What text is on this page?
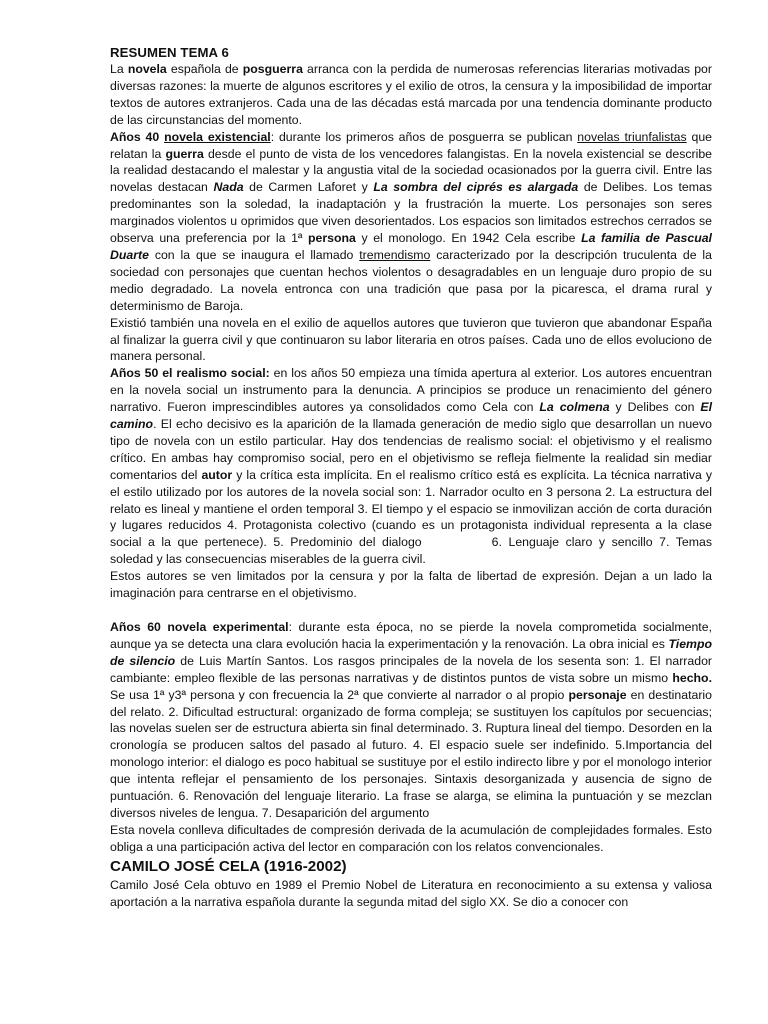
RESUMEN TEMA 6

La novela española de posguerra arranca con la perdida de numerosas referencias literarias motivadas por diversas razones: la muerte de algunos escritores y el exilio de otros, la censura y la imposibilidad de importar textos de autores extranjeros. Cada una de las décadas está marcada por una tendencia dominante producto de las circunstancias del momento.

Años 40 novela existencial: durante los primeros años de posguerra se publican novelas triunfalistas que relatan la guerra desde el punto de vista de los vencedores falangistas. En la novela existencial se describe la realidad destacando el malestar y la angustia vital de la sociedad ocasionados por la guerra civil. Entre las novelas destacan Nada de Carmen Laforet y La sombra del ciprés es alargada de Delibes. Los temas predominantes son la soledad, la inadaptación y la frustración la muerte. Los personajes son seres marginados violentos u oprimidos que viven desorientados. Los espacios son limitados estrechos cerrados se observa una preferencia por la 1ª persona y el monologo. En 1942 Cela escribe La familia de Pascual Duarte con la que se inaugura el llamado tremendismo caracterizado por la descripción truculenta de la sociedad con personajes que cuentan hechos violentos o desagradables en un lenguaje duro propio de su medio degradado. La novela entronca con una tradición que pasa por la picaresca, el drama rural y determinismo de Baroja.

Existió también una novela en el exilio de aquellos autores que tuvieron que tuvieron que abandonar España al finalizar la guerra civil y que continuaron su labor literaria en otros países. Cada uno de ellos evoluciono de manera personal.

Años 50 el realismo social: en los años 50 empieza una tímida apertura al exterior. Los autores encuentran en la novela social un instrumento para la denuncia. A principios se produce un renacimiento del género narrativo. Fueron imprescindibles autores ya consolidados como Cela con La colmena y Delibes con El camino. El echo decisivo es la aparición de la llamada generación de medio siglo que desarrollan un nuevo tipo de novela con un estilo particular. Hay dos tendencias de realismo social: el objetivismo y el realismo crítico. En ambas hay compromiso social, pero en el objetivismo se refleja fielmente la realidad sin mediar comentarios del autor y la crítica esta implícita. En el realismo crítico está es explícita. La técnica narrativa y el estilo utilizado por los autores de la novela social son: 1. Narrador oculto en 3 persona 2. La estructura del relato es lineal y mantiene el orden temporal 3. El tiempo y el espacio se inmovilizan acción de corta duración y lugares reducidos 4. Protagonista colectivo (cuando es un protagonista individual representa a la clase social a la que pertenece). 5. Predominio del dialogo	6. Lenguaje claro y sencillo 7. Temas soledad y las consecuencias miserables de la guerra civil.

Estos autores se ven limitados por la censura y por la falta de libertad de expresión. Dejan a un lado la imaginación para centrarse en el objetivismo.

Años 60 novela experimental: durante esta época, no se pierde la novela comprometida socialmente, aunque ya se detecta una clara evolución hacia la experimentación y la renovación. La obra inicial es Tiempo de silencio de Luis Martín Santos. Los rasgos principales de la novela de los sesenta son: 1. El narrador cambiante: empleo flexible de las personas narrativas y de distintos puntos de vista sobre un mismo hecho. Se usa 1ª y3ª persona y con frecuencia la 2ª que convierte al narrador o al propio personaje en destinatario del relato. 2. Dificultad estructural: organizado de forma compleja; se sustituyen los capítulos por secuencias; las novelas suelen ser de estructura abierta sin final determinado. 3. Ruptura lineal del tiempo. Desorden en la cronología se producen saltos del pasado al futuro. 4. El espacio suele ser indefinido. 5.Importancia del monologo interior: el dialogo es poco habitual se sustituye por el estilo indirecto libre y por el monologo interior que intenta reflejar el pensamiento de los personajes. Sintaxis desorganizada y ausencia de signo de puntuación. 6. Renovación del lenguaje literario. La frase se alarga, se elimina la puntuación y se mezclan diversos niveles de lengua. 7. Desaparición del argumento

Esta novela conlleva dificultades de compresión derivada de la acumulación de complejidades formales. Esto obliga a una participación activa del lector en comparación con los relatos convencionales.

CAMILO JOSÉ CELA (1916-2002)

Camilo José Cela obtuvo en 1989 el Premio Nobel de Literatura en reconocimiento a su extensa y valiosa aportación a la narrativa española durante la segunda mitad del siglo XX. Se dio a conocer con
